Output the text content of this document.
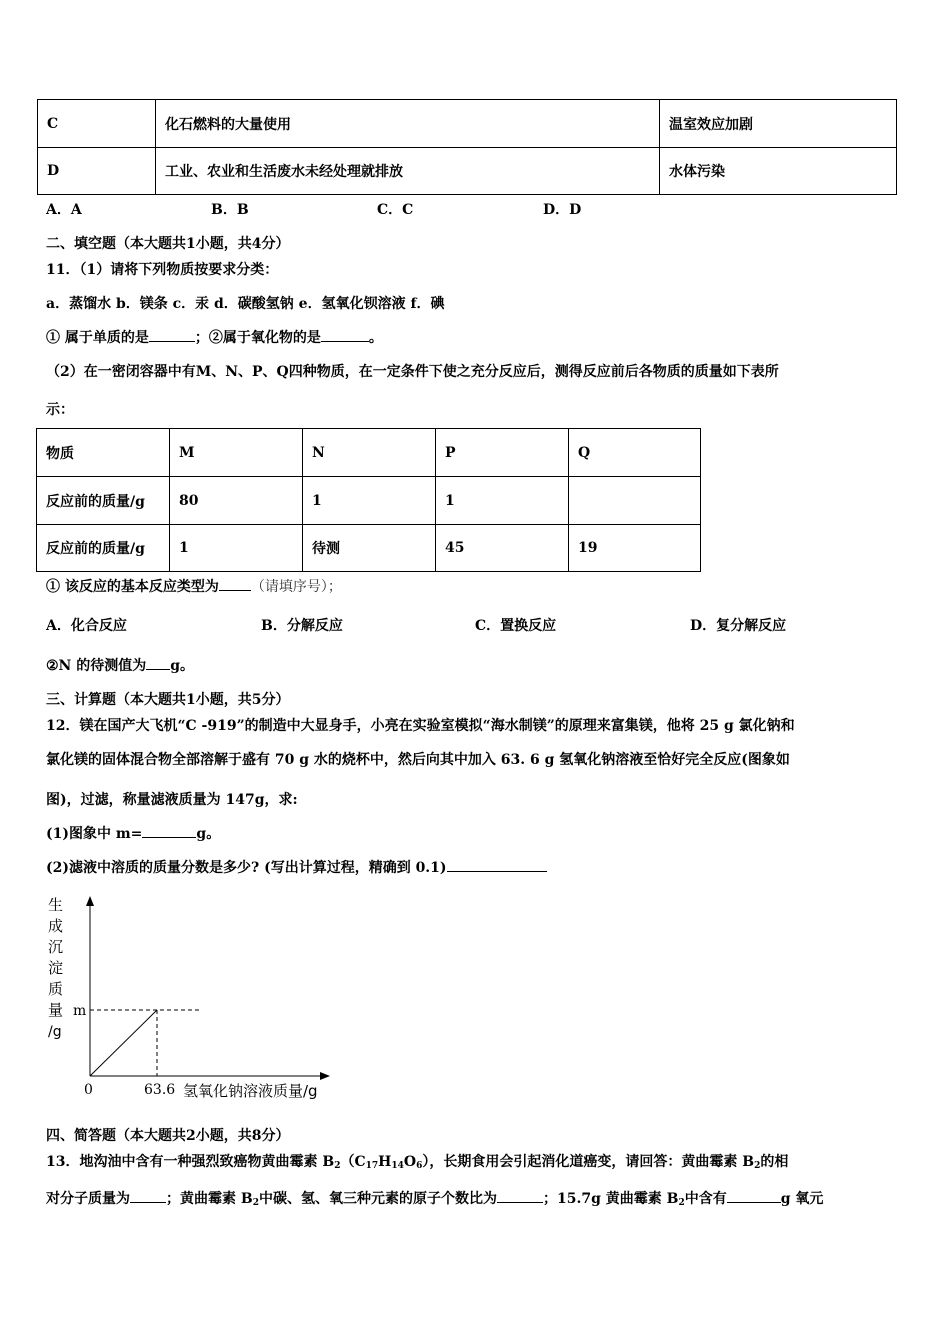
C	化石燃料的大量使用	温室效应加剧
D	工业、农业和生活废水未经处理就排放	水体污染
A．A	B．B	C．C	D．D
二、填空题（本大题共1小题，共4分）
11．（1）请将下列物质按要求分类：
a．蒸馏水 b．镁条 c．汞 d．碳酸氢钠 e．氢氧化钡溶液 f．碘
① 属于单质的是	；②属于氧化物的是	。
（2）在一密闭容器中有M、N、P、Q四种物质，在一定条件下使之充分反应后，测得反应前后各物质的质量如下表所
示：
物质	M	N	P	Q
反应前的质量/g	80	1	1	
反应前的质量/g	1	待测	45	19
① 该反应的基本反应类型为 （请填序号）；
A．化合反应	B．分解反应	C．置换反应	D．复分解反应
②N 的待测值为 g。
三、计算题（本大题共1小题，共5分）
12．镁在国产大飞机“C -919”的制造中大显身手，小亮在实验室模拟“海水制镁”的原理来富集镁，他将 25 g 氯化钠和
氯化镁的固体混合物全部溶解于盛有 70 g 水的烧杯中，然后向其中加入 63. 6 g 氢氧化钠溶液至恰好完全反应(图象如
图)，过滤，称量滤液质量为 147g，求:
(1)图象中 m=	g。
(2)滤液中溶质的质量分数是多少? (写出计算过程，精确到 0.1)
生
成
沉
淀
质
量
/g
m
0	63.6 氢氧化钠溶液质量/g
四、简答题（本大题共2小题，共8分）
13．地沟油中含有一种强烈致癌物黄曲霉素 $B_2(C_{17}H_{14}O_6)$，长期食用会引起消化道癌变，请回答：黄曲霉素 $B_2$的相
对分子质量为	；黄曲霉素 $B_2$中碳、氢、氧三种元素的原子个数比为	；15.7g 黄曲霉素 $B_2$中含有	g 氧元
